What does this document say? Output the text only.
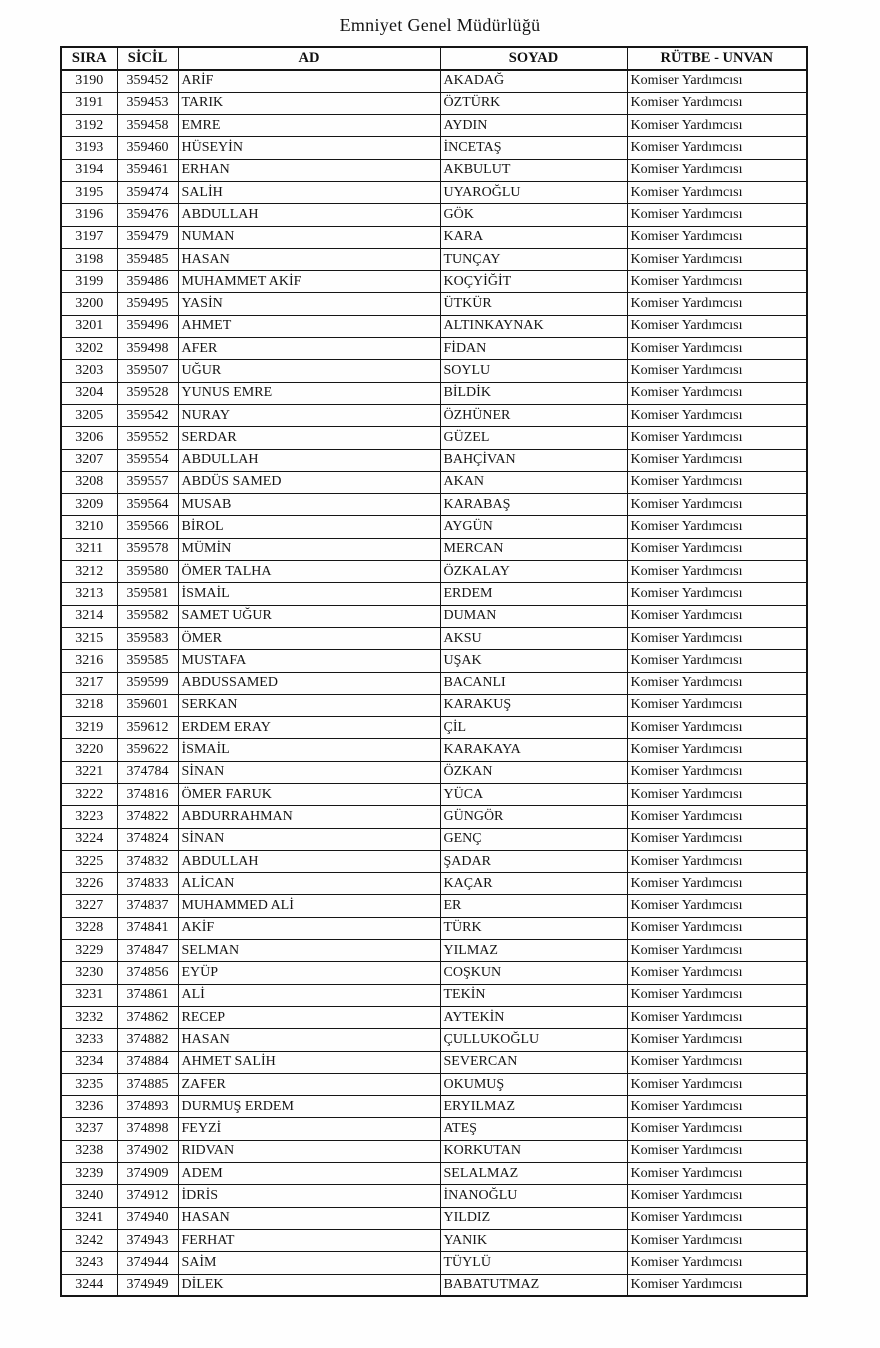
Emniyet Genel Müdürlüğü
SIRA	SİCİL	AD	SOYAD	RÜTBE - UNVAN
3190	359452	ARİF	AKADAĞ	Komiser Yardımcısı
3191	359453	TARIK	ÖZTÜRK	Komiser Yardımcısı
3192	359458	EMRE	AYDIN	Komiser Yardımcısı
3193	359460	HÜSEYİN	İNCETAŞ	Komiser Yardımcısı
3194	359461	ERHAN	AKBULUT	Komiser Yardımcısı
3195	359474	SALİH	UYAROĞLU	Komiser Yardımcısı
3196	359476	ABDULLAH	GÖK	Komiser Yardımcısı
3197	359479	NUMAN	KARA	Komiser Yardımcısı
3198	359485	HASAN	TUNÇAY	Komiser Yardımcısı
3199	359486	MUHAMMET AKİF	KOÇYİĞİT	Komiser Yardımcısı
3200	359495	YASİN	ÜTKÜR	Komiser Yardımcısı
3201	359496	AHMET	ALTINKAYNAK	Komiser Yardımcısı
3202	359498	AFER	FİDAN	Komiser Yardımcısı
3203	359507	UĞUR	SOYLU	Komiser Yardımcısı
3204	359528	YUNUS EMRE	BİLDİK	Komiser Yardımcısı
3205	359542	NURAY	ÖZHÜNER	Komiser Yardımcısı
3206	359552	SERDAR	GÜZEL	Komiser Yardımcısı
3207	359554	ABDULLAH	BAHÇİVAN	Komiser Yardımcısı
3208	359557	ABDÜS SAMED	AKAN	Komiser Yardımcısı
3209	359564	MUSAB	KARABAŞ	Komiser Yardımcısı
3210	359566	BİROL	AYGÜN	Komiser Yardımcısı
3211	359578	MÜMİN	MERCAN	Komiser Yardımcısı
3212	359580	ÖMER TALHA	ÖZKALAY	Komiser Yardımcısı
3213	359581	İSMAİL	ERDEM	Komiser Yardımcısı
3214	359582	SAMET UĞUR	DUMAN	Komiser Yardımcısı
3215	359583	ÖMER	AKSU	Komiser Yardımcısı
3216	359585	MUSTAFA	UŞAK	Komiser Yardımcısı
3217	359599	ABDUSSAMED	BACANLI	Komiser Yardımcısı
3218	359601	SERKAN	KARAKUŞ	Komiser Yardımcısı
3219	359612	ERDEM ERAY	ÇİL	Komiser Yardımcısı
3220	359622	İSMAİL	KARAKAYA	Komiser Yardımcısı
3221	374784	SİNAN	ÖZKAN	Komiser Yardımcısı
3222	374816	ÖMER FARUK	YÜCA	Komiser Yardımcısı
3223	374822	ABDURRAHMAN	GÜNGÖR	Komiser Yardımcısı
3224	374824	SİNAN	GENÇ	Komiser Yardımcısı
3225	374832	ABDULLAH	ŞADAR	Komiser Yardımcısı
3226	374833	ALİCAN	KAÇAR	Komiser Yardımcısı
3227	374837	MUHAMMED ALİ	ER	Komiser Yardımcısı
3228	374841	AKİF	TÜRK	Komiser Yardımcısı
3229	374847	SELMAN	YILMAZ	Komiser Yardımcısı
3230	374856	EYÜP	COŞKUN	Komiser Yardımcısı
3231	374861	ALİ	TEKİN	Komiser Yardımcısı
3232	374862	RECEP	AYTEKİN	Komiser Yardımcısı
3233	374882	HASAN	ÇULLUKOĞLU	Komiser Yardımcısı
3234	374884	AHMET SALİH	SEVERCAN	Komiser Yardımcısı
3235	374885	ZAFER	OKUMUŞ	Komiser Yardımcısı
3236	374893	DURMUŞ ERDEM	ERYILMAZ	Komiser Yardımcısı
3237	374898	FEYZİ	ATEŞ	Komiser Yardımcısı
3238	374902	RIDVAN	KORKUTAN	Komiser Yardımcısı
3239	374909	ADEM	SELALMAZ	Komiser Yardımcısı
3240	374912	İDRİS	İNANOĞLU	Komiser Yardımcısı
3241	374940	HASAN	YILDIZ	Komiser Yardımcısı
3242	374943	FERHAT	YANIK	Komiser Yardımcısı
3243	374944	SAİM	TÜYLÜ	Komiser Yardımcısı
3244	374949	DİLEK	BABATUTMAZ	Komiser Yardımcısı
